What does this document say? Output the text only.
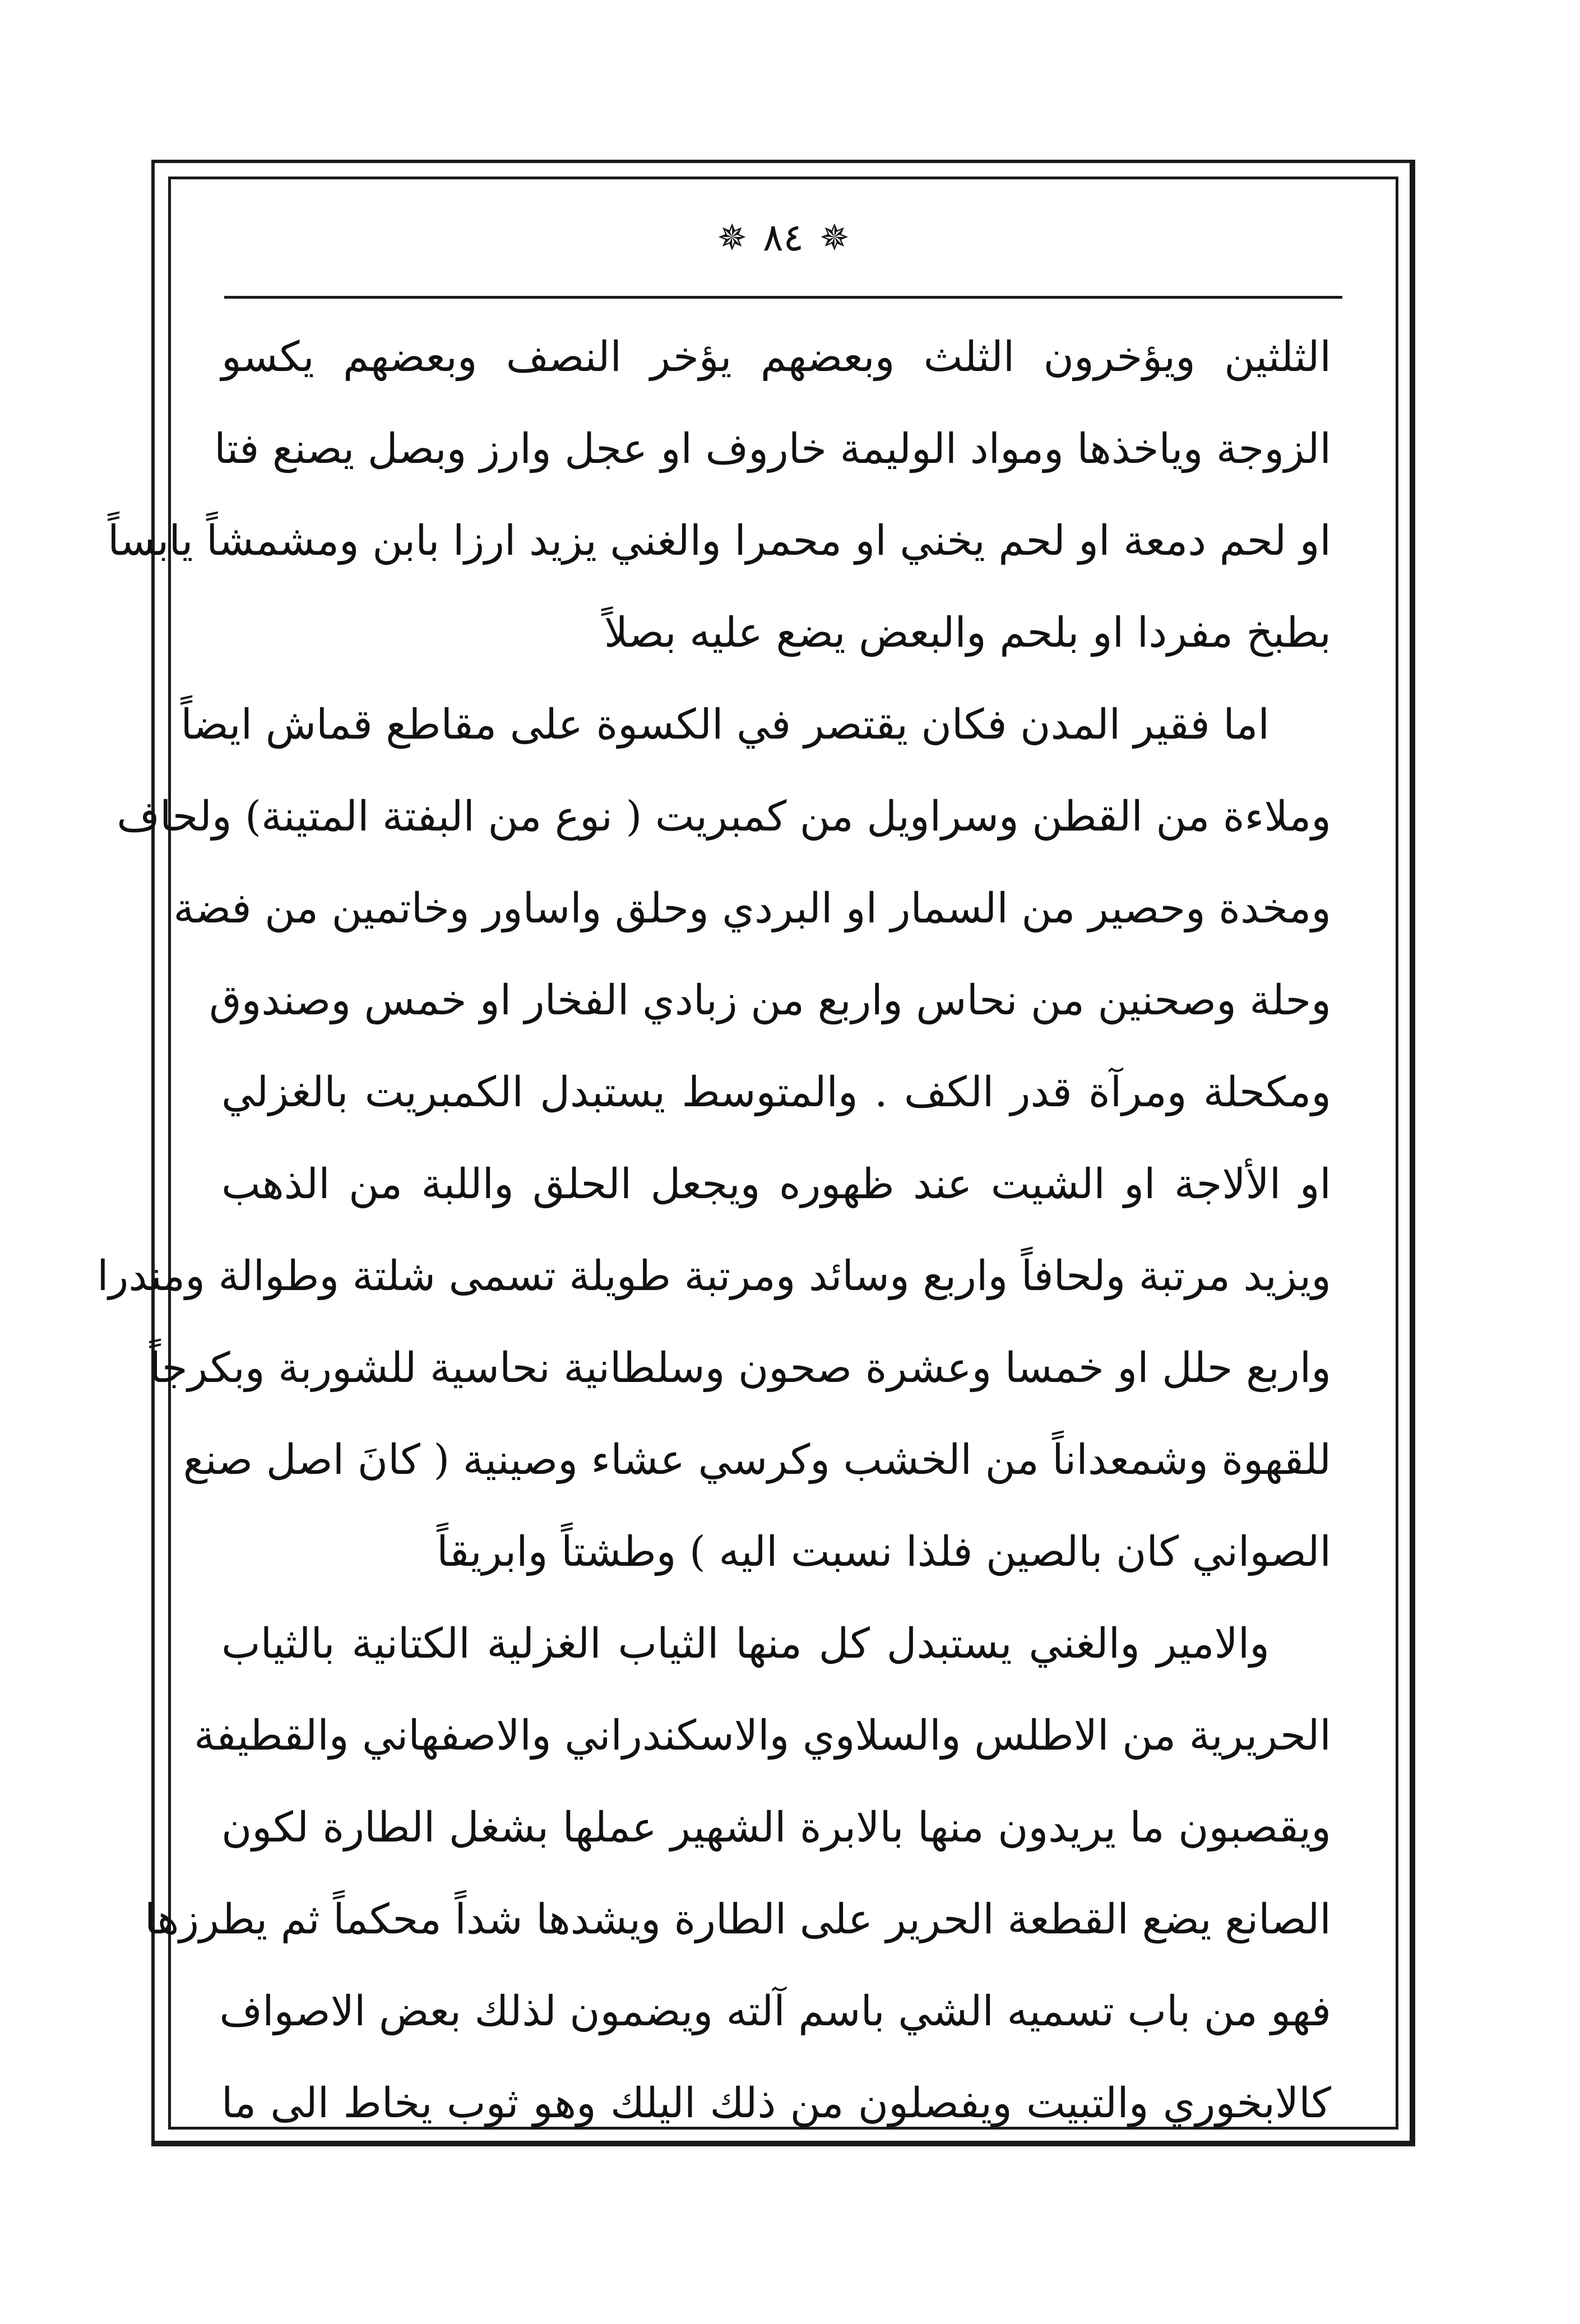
✵
٨٤
✵
الثلثين ويؤخرون الثلث وبعضهم يؤخر النصف وبعضهم يكسو
الزوجة وياخذها ومواد الوليمة خاروف او عجل وارز وبصل يصنع فتا
او لحم دمعة او لحم يخني او محمرا والغني يزيد ارزا بابن ومشمشاً يابساً
بطبخ مفردا او بلحم والبعض يضع عليه بصلاً
اما فقير المدن فكان يقتصر في الكسوة على مقاطع قماش ايضاً
وملاءة من القطن وسراويل من كمبريت ( نوع من البفتة المتينة) ولحاف
ومخدة وحصير من السمار او البردي وحلق واساور وخاتمين من فضة
وحلة وصحنين من نحاس واربع من زبادي الفخار او خمس وصندوق
ومكحلة ومرآة قدر الكف . والمتوسط يستبدل الكمبريت بالغزلي
او الألاجة او الشيت عند ظهوره ويجعل الحلق واللبة من الذهب
ويزيد مرتبة ولحافاً واربع وسائد ومرتبة طويلة تسمى شلتة وطوالة ومندرا
واربع حلل او خمسا وعشرة صحون وسلطانية نحاسية للشوربة وبكرجاً
للقهوة وشمعداناً من الخشب وكرسي عشاء وصينية ( كانَ اصل صنع
الصواني كان بالصين فلذا نسبت اليه ) وطشتاً وابريقاً
والامير والغني يستبدل كل منها الثياب الغزلية الكتانية بالثياب
الحريرية من الاطلس والسلاوي والاسكندراني والاصفهاني والقطيفة
ويقصبون ما يريدون منها بالابرة الشهير عملها بشغل الطارة لكون
الصانع يضع القطعة الحرير على الطارة ويشدها شداً محكماً ثم يطرزها
فهو من باب تسميه الشي باسم آلته ويضمون لذلك بعض الاصواف
كالابخوري والتبيت ويفصلون من ذلك اليلك وهو ثوب يخاط الى ما
